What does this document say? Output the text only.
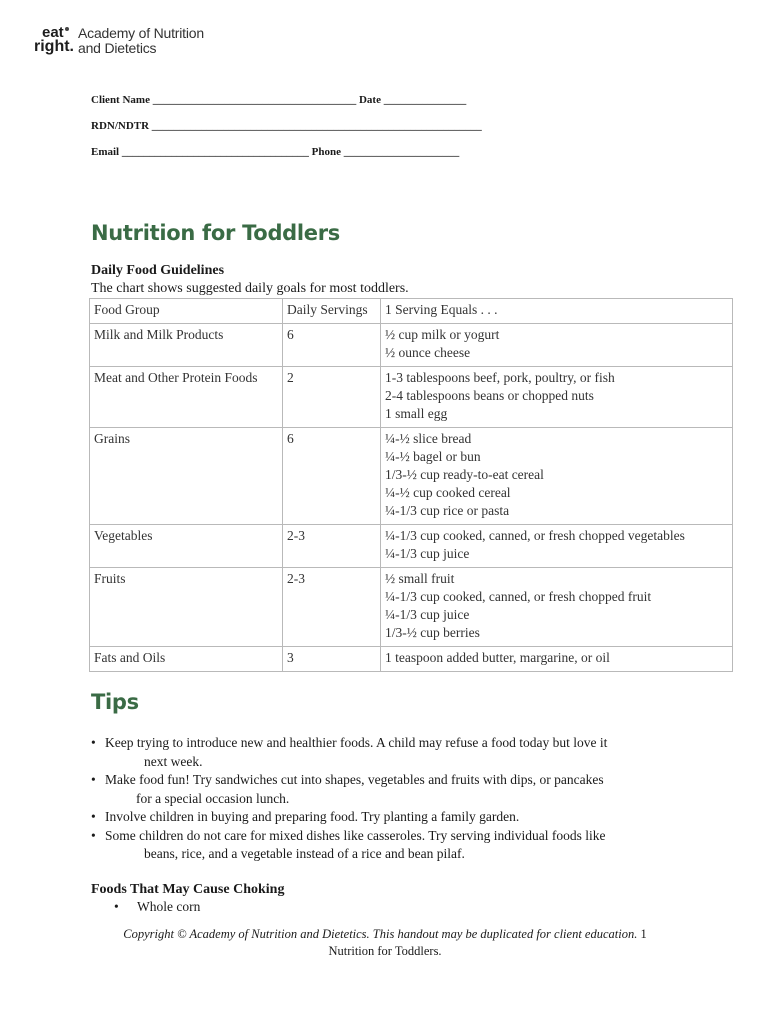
eat
right.
Academy of Nutrition
and Dietetics
Client Name _____________________________________ Date _______________
RDN/NDTR ____________________________________________________________
Email __________________________________ Phone _____________________
Nutrition for Toddlers
Daily Food Guidelines
The chart shows suggested daily goals for most toddlers.
Food Group	Daily Servings	1 Serving Equals . . .
Milk and Milk Products	6	½ cup milk or yogurt
½ ounce cheese

Meat and Other Protein Foods	2	1-3 tablespoons beef, pork, poultry, or fish
2-4 tablespoons beans or chopped nuts
1 small egg

Grains	6	¼-½ slice bread
¼-½ bagel or bun
1/3-½ cup ready-to-eat cereal
¼-½ cup cooked cereal
¼-1/3 cup rice or pasta

Vegetables	2-3	¼-1/3 cup cooked, canned, or fresh chopped vegetables
¼-1/3 cup juice

Fruits	2-3	½ small fruit
¼-1/3 cup cooked, canned, or fresh chopped fruit
¼-1/3 cup juice
1/3-½ cup berries

Fats and Oils	3	1 teaspoon added butter, margarine, or oil
Tips
• Keep trying to introduce new and healthier foods. A child may refuse a food today but love it
next week.
• Make food fun! Try sandwiches cut into shapes, vegetables and fruits with dips, or pancakes
for a special occasion lunch.
• Involve children in buying and preparing food. Try planting a family garden.
• Some children do not care for mixed dishes like casseroles. Try serving individual foods like
beans, rice, and a vegetable instead of a rice and bean pilaf.
Foods That May Cause Choking
• Whole corn
Copyright © Academy of Nutrition and Dietetics. This handout may be duplicated for client education. 1
Nutrition for Toddlers.
